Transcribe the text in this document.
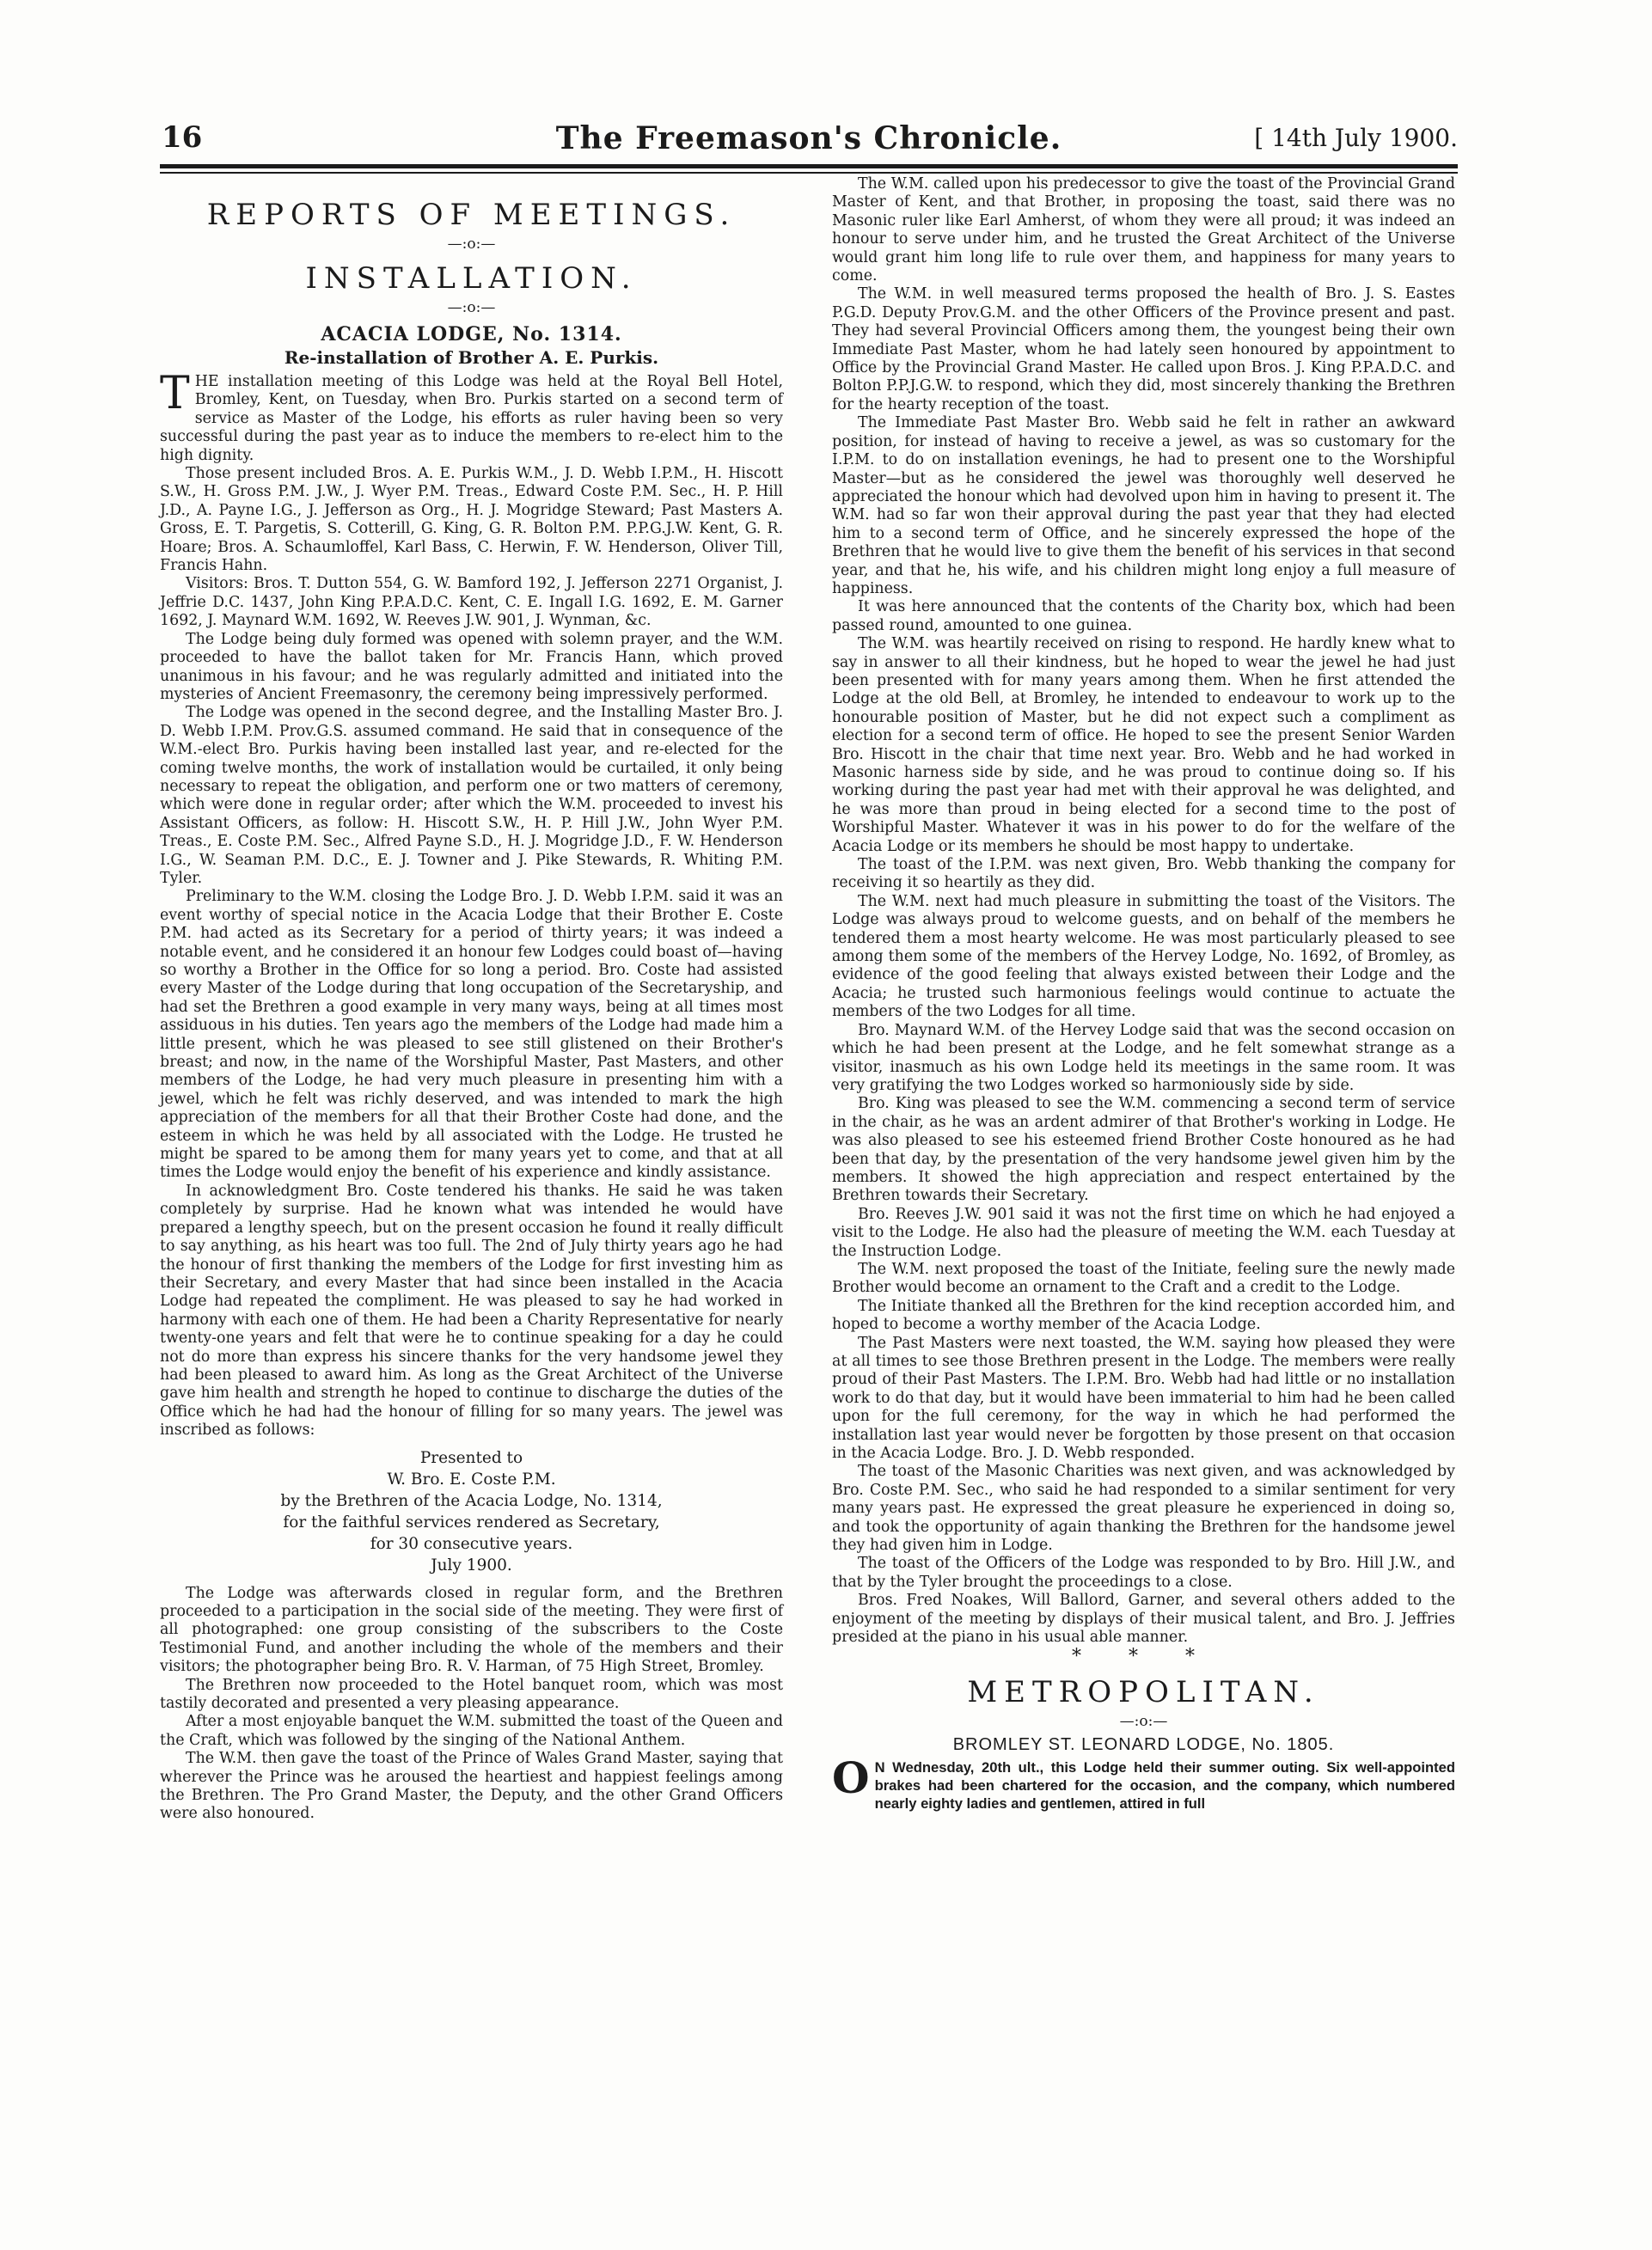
16	The Freemason's Chronicle.	[ 14th July 1900.
REPORTS OF MEETINGS.
—:o:—
INSTALLATION.
—:o:—
ACACIA LODGE, No. 1314.
Re-installation of Brother A. E. Purkis.

THE installation meeting of this Lodge was held at the Royal Bell Hotel, Bromley, Kent, on Tuesday, when Bro. Purkis started on a second term of service as Master of the Lodge, his efforts as ruler having been so very successful during the past year as to induce the members to re-elect him to the high dignity.

Those present included Bros. A. E. Purkis W.M., J. D. Webb I.P.M., H. Hiscott S.W., H. Gross P.M. J.W., J. Wyer P.M. Treas., Edward Coste P.M. Sec., H. P. Hill J.D., A. Payne I.G., J. Jefferson as Org., H. J. Mogridge Steward; Past Masters A. Gross, E. T. Pargetis, S. Cotterill, G. King, G. R. Bolton P.M. P.P.G.J.W. Kent, G. R. Hoare; Bros. A. Schaumloffel, Karl Bass, C. Herwin, F. W. Henderson, Oliver Till, Francis Hahn.

Visitors: Bros. T. Dutton 554, G. W. Bamford 192, J. Jefferson 2271 Organist, J. Jeffrie D.C. 1437, John King P.P.A.D.C. Kent, C. E. Ingall I.G. 1692, E. M. Garner 1692, J. Maynard W.M. 1692, W. Reeves J.W. 901, J. Wynman, &c.

The Lodge being duly formed was opened with solemn prayer, and the W.M. proceeded to have the ballot taken for Mr. Francis Hann, which proved unanimous in his favour; and he was regularly admitted and initiated into the mysteries of Ancient Freemasonry, the ceremony being impressively performed.

The Lodge was opened in the second degree, and the Installing Master Bro. J. D. Webb I.P.M. Prov.G.S. assumed command. He said that in consequence of the W.M.-elect Bro. Purkis having been installed last year, and re-elected for the coming twelve months, the work of installation would be curtailed, it only being necessary to repeat the obligation, and perform one or two matters of ceremony, which were done in regular order; after which the W.M. proceeded to invest his Assistant Officers, as follow: H. Hiscott S.W., H. P. Hill J.W., John Wyer P.M. Treas., E. Coste P.M. Sec., Alfred Payne S.D., H. J. Mogridge J.D., F. W. Henderson I.G., W. Seaman P.M. D.C., E. J. Towner and J. Pike Stewards, R. Whiting P.M. Tyler.

Preliminary to the W.M. closing the Lodge Bro. J. D. Webb I.P.M. said it was an event worthy of special notice in the Acacia Lodge that their Brother E. Coste P.M. had acted as its Secretary for a period of thirty years; it was indeed a notable event, and he considered it an honour few Lodges could boast of—having so worthy a Brother in the Office for so long a period. Bro. Coste had assisted every Master of the Lodge during that long occupation of the Secretaryship, and had set the Brethren a good example in very many ways, being at all times most assiduous in his duties. Ten years ago the members of the Lodge had made him a little present, which he was pleased to see still glistened on their Brother's breast; and now, in the name of the Worshipful Master, Past Masters, and other members of the Lodge, he had very much pleasure in presenting him with a jewel, which he felt was richly deserved, and was intended to mark the high appreciation of the members for all that their Brother Coste had done, and the esteem in which he was held by all associated with the Lodge. He trusted he might be spared to be among them for many years yet to come, and that at all times the Lodge would enjoy the benefit of his experience and kindly assistance.

In acknowledgment Bro. Coste tendered his thanks. He said he was taken completely by surprise. Had he known what was intended he would have prepared a lengthy speech, but on the present occasion he found it really difficult to say anything, as his heart was too full. The 2nd of July thirty years ago he had the honour of first thanking the members of the Lodge for first investing him as their Secretary, and every Master that had since been installed in the Acacia Lodge had repeated the compliment. He was pleased to say he had worked in harmony with each one of them. He had been a Charity Representative for nearly twenty-one years and felt that were he to continue speaking for a day he could not do more than express his sincere thanks for the very handsome jewel they had been pleased to award him. As long as the Great Architect of the Universe gave him health and strength he hoped to continue to discharge the duties of the Office which he had had the honour of filling for so many years. The jewel was inscribed as follows:

Presented to
W. Bro. E. Coste P.M.
by the Brethren of the Acacia Lodge, No. 1314,
for the faithful services rendered as Secretary,
for 30 consecutive years.
July 1900.

The Lodge was afterwards closed in regular form, and the Brethren proceeded to a participation in the social side of the meeting. They were first of all photographed: one group consisting of the subscribers to the Coste Testimonial Fund, and another including the whole of the members and their visitors; the photographer being Bro. R. V. Harman, of 75 High Street, Bromley.

The Brethren now proceeded to the Hotel banquet room, which was most tastily decorated and presented a very pleasing appearance.

After a most enjoyable banquet the W.M. submitted the toast of the Queen and the Craft, which was followed by the singing of the National Anthem.

The W.M. then gave the toast of the Prince of Wales Grand Master, saying that wherever the Prince was he aroused the heartiest and happiest feelings among the Brethren. The Pro Grand Master, the Deputy, and the other Grand Officers were also honoured.

The W.M. called upon his predecessor to give the toast of the Provincial Grand Master of Kent, and that Brother, in proposing the toast, said there was no Masonic ruler like Earl Amherst, of whom they were all proud; it was indeed an honour to serve under him, and he trusted the Great Architect of the Universe would grant him long life to rule over them, and happiness for many years to come.

The W.M. in well measured terms proposed the health of Bro. J. S. Eastes P.G.D. Deputy Prov.G.M. and the other Officers of the Province present and past. They had several Provincial Officers among them, the youngest being their own Immediate Past Master, whom he had lately seen honoured by appointment to Office by the Provincial Grand Master. He called upon Bros. J. King P.P.A.D.C. and Bolton P.P.J.G.W. to respond, which they did, most sincerely thanking the Brethren for the hearty reception of the toast.

The Immediate Past Master Bro. Webb said he felt in rather an awkward position, for instead of having to receive a jewel, as was so customary for the I.P.M. to do on installation evenings, he had to present one to the Worshipful Master—but as he considered the jewel was thoroughly well deserved he appreciated the honour which had devolved upon him in having to present it. The W.M. had so far won their approval during the past year that they had elected him to a second term of Office, and he sincerely expressed the hope of the Brethren that he would live to give them the benefit of his services in that second year, and that he, his wife, and his children might long enjoy a full measure of happiness.

It was here announced that the contents of the Charity box, which had been passed round, amounted to one guinea.

The W.M. was heartily received on rising to respond. He hardly knew what to say in answer to all their kindness, but he hoped to wear the jewel he had just been presented with for many years among them. When he first attended the Lodge at the old Bell, at Bromley, he intended to endeavour to work up to the honourable position of Master, but he did not expect such a compliment as election for a second term of office. He hoped to see the present Senior Warden Bro. Hiscott in the chair that time next year. Bro. Webb and he had worked in Masonic harness side by side, and he was proud to continue doing so. If his working during the past year had met with their approval he was delighted, and he was more than proud in being elected for a second time to the post of Worshipful Master. Whatever it was in his power to do for the welfare of the Acacia Lodge or its members he should be most happy to undertake.

The toast of the I.P.M. was next given, Bro. Webb thanking the company for receiving it so heartily as they did.

The W.M. next had much pleasure in submitting the toast of the Visitors. The Lodge was always proud to welcome guests, and on behalf of the members he tendered them a most hearty welcome. He was most particularly pleased to see among them some of the members of the Hervey Lodge, No. 1692, of Bromley, as evidence of the good feeling that always existed between their Lodge and the Acacia; he trusted such harmonious feelings would continue to actuate the members of the two Lodges for all time.

Bro. Maynard W.M. of the Hervey Lodge said that was the second occasion on which he had been present at the Lodge, and he felt somewhat strange as a visitor, inasmuch as his own Lodge held its meetings in the same room. It was very gratifying the two Lodges worked so harmoniously side by side.

Bro. King was pleased to see the W.M. commencing a second term of service in the chair, as he was an ardent admirer of that Brother's working in Lodge. He was also pleased to see his esteemed friend Brother Coste honoured as he had been that day, by the presentation of the very handsome jewel given him by the members. It showed the high appreciation and respect entertained by the Brethren towards their Secretary.

Bro. Reeves J.W. 901 said it was not the first time on which he had enjoyed a visit to the Lodge. He also had the pleasure of meeting the W.M. each Tuesday at the Instruction Lodge.

The W.M. next proposed the toast of the Initiate, feeling sure the newly made Brother would become an ornament to the Craft and a credit to the Lodge.

The Initiate thanked all the Brethren for the kind reception accorded him, and hoped to become a worthy member of the Acacia Lodge.

The Past Masters were next toasted, the W.M. saying how pleased they were at all times to see those Brethren present in the Lodge. The members were really proud of their Past Masters. The I.P.M. Bro. Webb had had little or no installation work to do that day, but it would have been immaterial to him had he been called upon for the full ceremony, for the way in which he had performed the installation last year would never be forgotten by those present on that occasion in the Acacia Lodge. Bro. J. D. Webb responded.

The toast of the Masonic Charities was next given, and was acknowledged by Bro. Coste P.M. Sec., who said he had responded to a similar sentiment for very many years past. He expressed the great pleasure he experienced in doing so, and took the opportunity of again thanking the Brethren for the handsome jewel they had given him in Lodge.

The toast of the Officers of the Lodge was responded to by Bro. Hill J.W., and that by the Tyler brought the proceedings to a close.

Bros. Fred Noakes, Will Ballord, Garner, and several others added to the enjoyment of the meeting by displays of their musical talent, and Bro. J. Jeffries presided at the piano in his usual able manner.

* * *
METROPOLITAN.
—:o:—
BROMLEY ST. LEONARD LODGE, No. 1805.

O N Wednesday, 20th ult., this Lodge held their summer outing. Six well-appointed brakes had been chartered for the occasion, and the company, which numbered nearly eighty ladies and gentlemen, attired in full
